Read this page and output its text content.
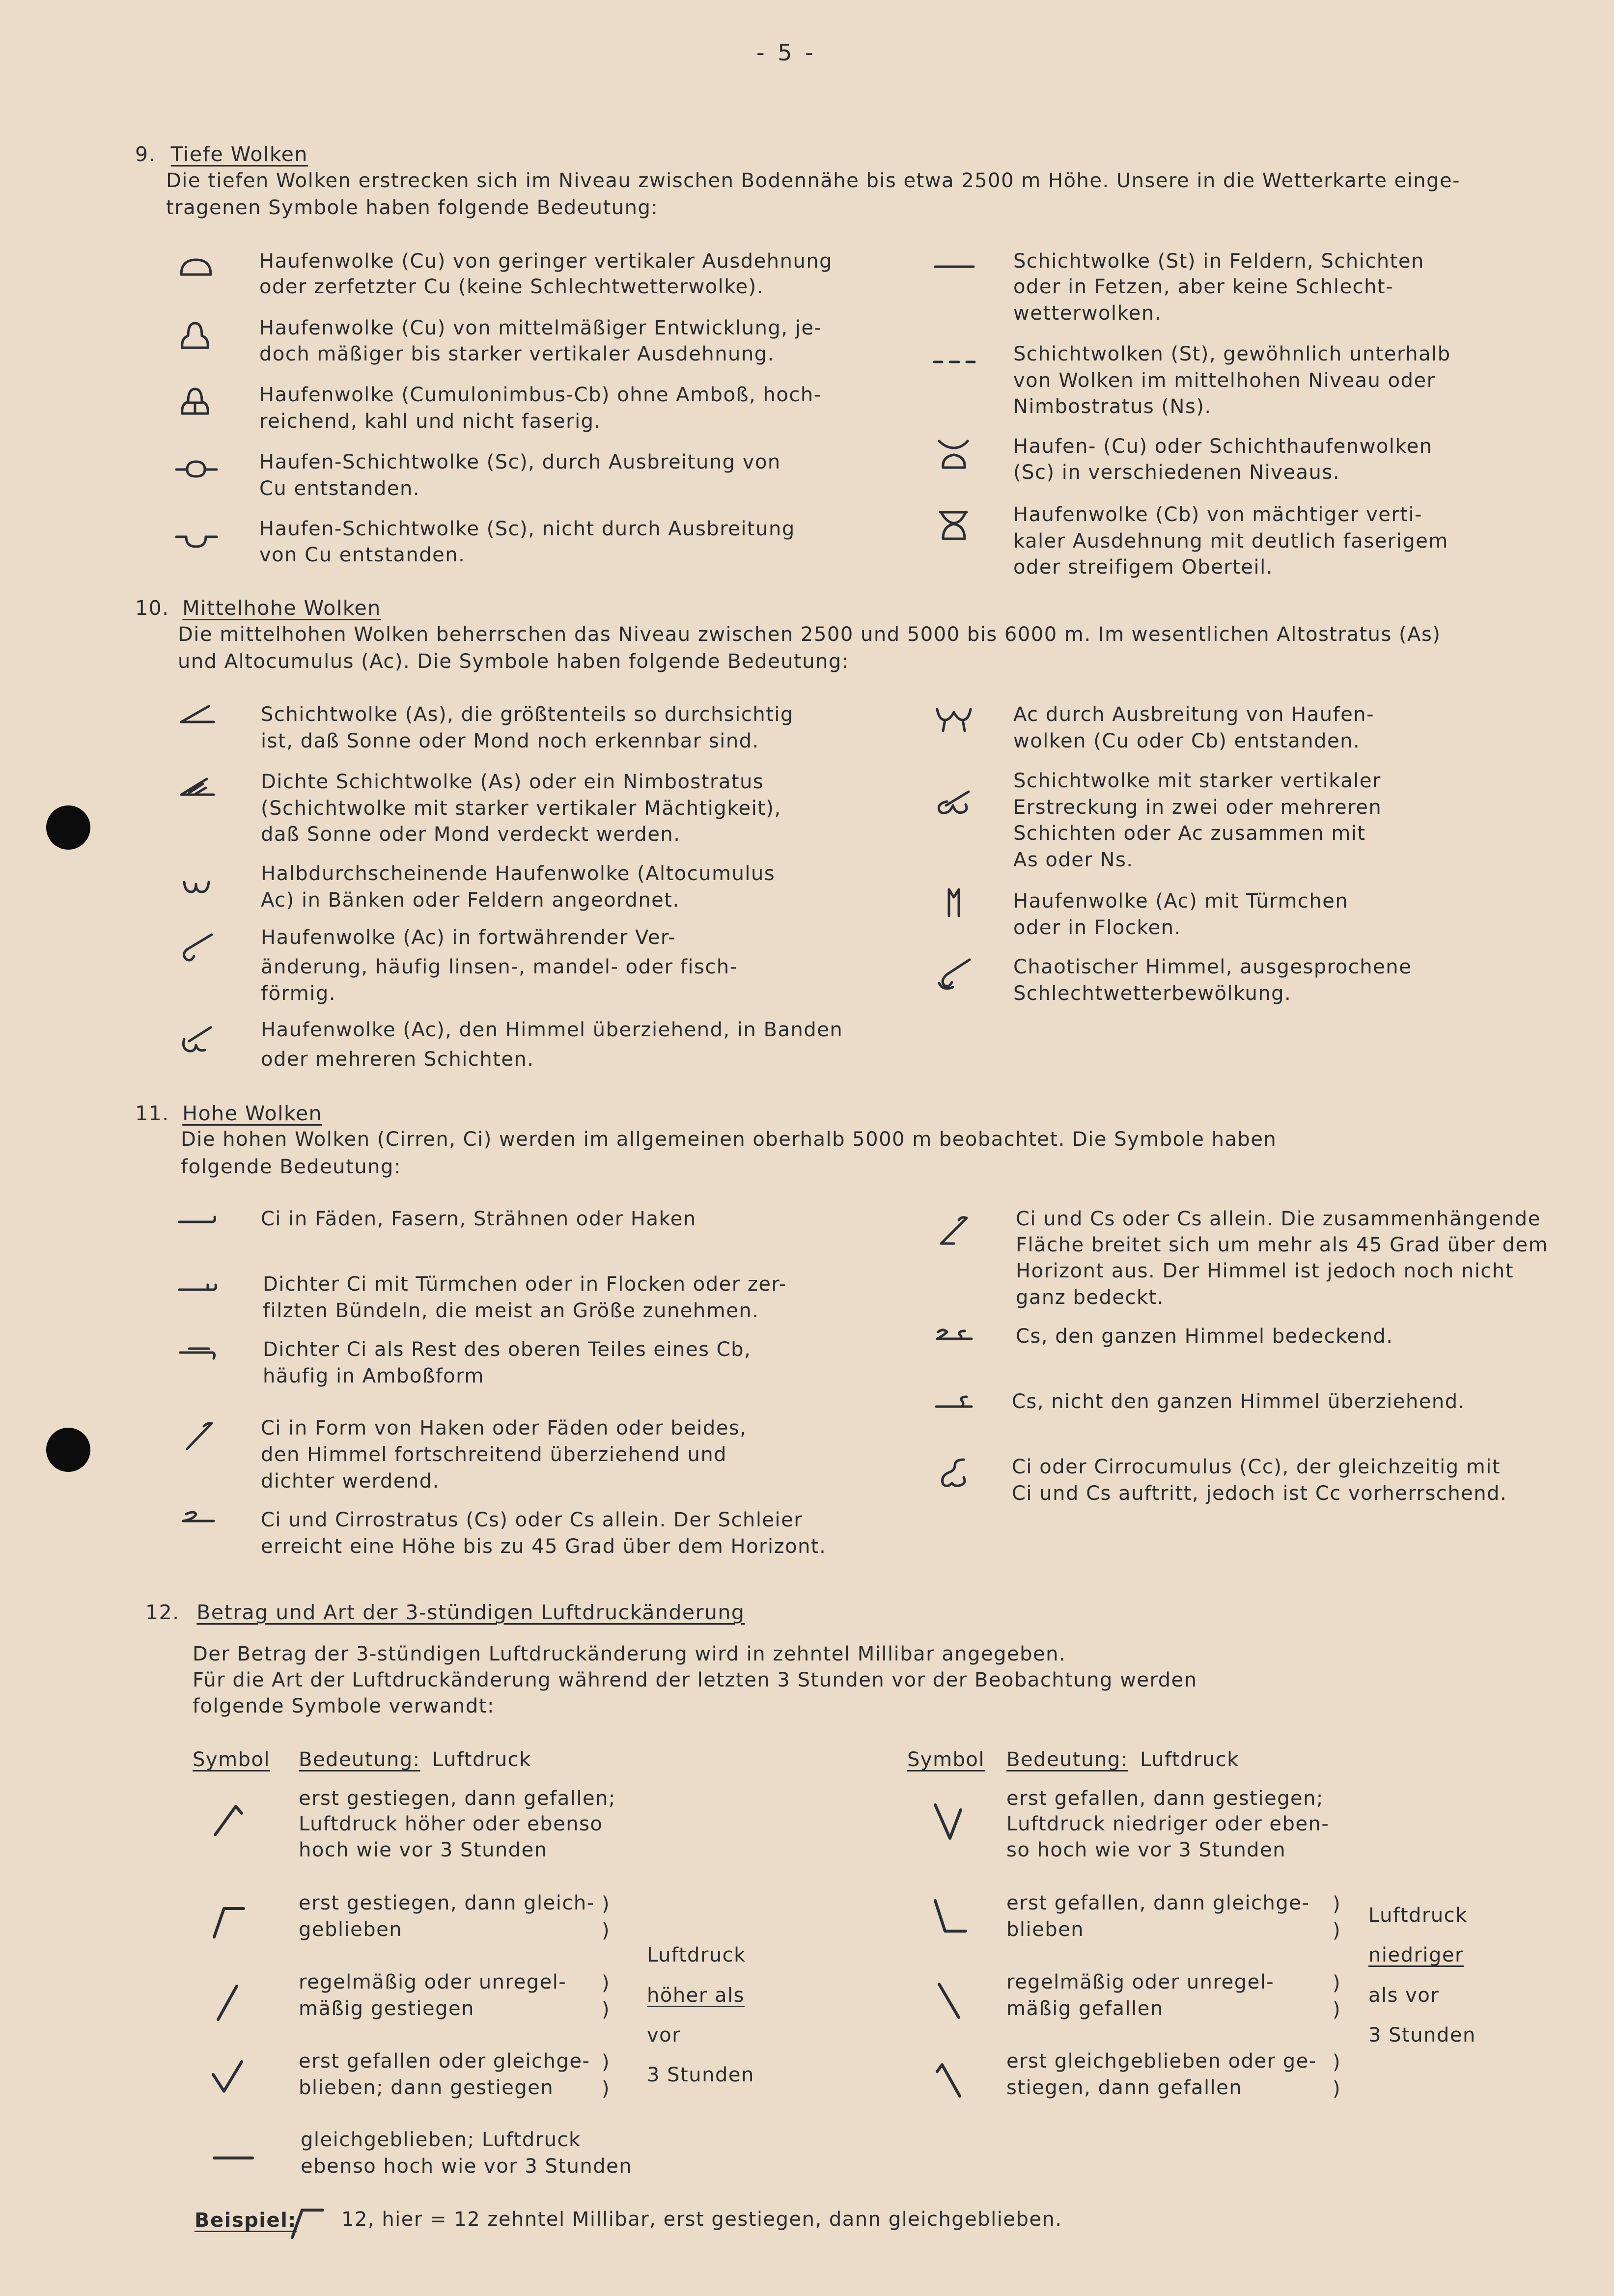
- 5 -
9. Tiefe Wolken
Die tiefen Wolken erstrecken sich im Niveau zwischen Bodennähe bis etwa 2500 m Höhe. Unsere in die Wetterkarte einge-
tragenen Symbole haben folgende Bedeutung:
Haufenwolke (Cu) von geringer vertikaler Ausdehnung
oder zerfetzter Cu (keine Schlechtwetterwolke).
Haufenwolke (Cu) von mittelmäßiger Entwicklung, je-
doch mäßiger bis starker vertikaler Ausdehnung.
Haufenwolke (Cumulonimbus-Cb) ohne Amboß, hoch-
reichend, kahl und nicht faserig.
Haufen-Schichtwolke (Sc), durch Ausbreitung von
Cu entstanden.
Haufen-Schichtwolke (Sc), nicht durch Ausbreitung
von Cu entstanden.
Schichtwolke (St) in Feldern, Schichten
oder in Fetzen, aber keine Schlecht-
wetterwolken.
Schichtwolken (St), gewöhnlich unterhalb
von Wolken im mittelhohen Niveau oder
Nimbostratus (Ns).
Haufen- (Cu) oder Schichthaufenwolken
(Sc) in verschiedenen Niveaus.
Haufenwolke (Cb) von mächtiger verti-
kaler Ausdehnung mit deutlich faserigem
oder streifigem Oberteil.
10. Mittelhohe Wolken
Die mittelhohen Wolken beherrschen das Niveau zwischen 2500 und 5000 bis 6000 m. Im wesentlichen Altostratus (As)
und Altocumulus (Ac). Die Symbole haben folgende Bedeutung:
Schichtwolke (As), die größtenteils so durchsichtig
ist, daß Sonne oder Mond noch erkennbar sind.
Dichte Schichtwolke (As) oder ein Nimbostratus
(Schichtwolke mit starker vertikaler Mächtigkeit),
daß Sonne oder Mond verdeckt werden.
Halbdurchscheinende Haufenwolke (Altocumulus
Ac) in Bänken oder Feldern angeordnet.
Haufenwolke (Ac) in fortwährender Ver-
änderung, häufig linsen-, mandel- oder fisch-
förmig.
Haufenwolke (Ac), den Himmel überziehend, in Banden
oder mehreren Schichten.
Ac durch Ausbreitung von Haufen-
wolken (Cu oder Cb) entstanden.
Schichtwolke mit starker vertikaler
Erstreckung in zwei oder mehreren
Schichten oder Ac zusammen mit
As oder Ns.
Haufenwolke (Ac) mit Türmchen
oder in Flocken.
Chaotischer Himmel, ausgesprochene
Schlechtwetterbewölkung.
11. Hohe Wolken
Die hohen Wolken (Cirren, Ci) werden im allgemeinen oberhalb 5000 m beobachtet. Die Symbole haben
folgende Bedeutung:
Ci in Fäden, Fasern, Strähnen oder Haken
Dichter Ci mit Türmchen oder in Flocken oder zer-
filzten Bündeln, die meist an Größe zunehmen.
Dichter Ci als Rest des oberen Teiles eines Cb,
häufig in Amboßform
Ci in Form von Haken oder Fäden oder beides,
den Himmel fortschreitend überziehend und
dichter werdend.
Ci und Cirrostratus (Cs) oder Cs allein. Der Schleier
erreicht eine Höhe bis zu 45 Grad über dem Horizont.
Ci und Cs oder Cs allein. Die zusammenhängende
Fläche breitet sich um mehr als 45 Grad über dem
Horizont aus. Der Himmel ist jedoch noch nicht
ganz bedeckt.
Cs, den ganzen Himmel bedeckend.
Cs, nicht den ganzen Himmel überziehend.
Ci oder Cirrocumulus (Cc), der gleichzeitig mit
Ci und Cs auftritt, jedoch ist Cc vorherrschend.
12. Betrag und Art der 3-stündigen Luftdruckänderung
Der Betrag der 3-stündigen Luftdruckänderung wird in zehntel Millibar angegeben.
Für die Art der Luftdruckänderung während der letzten 3 Stunden vor der Beobachtung werden
folgende Symbole verwandt:
Symbol Bedeutung: Luftdruck	Symbol Bedeutung: Luftdruck
erst gestiegen, dann gefallen;
Luftdruck höher oder ebenso
hoch wie vor 3 Stunden
erst gestiegen, dann gleich-
geblieben
)
)
regelmäßig oder unregel-
mäßig gestiegen
)
)
erst gefallen oder gleichge-
blieben; dann gestiegen
)
)
gleichgeblieben; Luftdruck
ebenso hoch wie vor 3 Stunden
Luftdruck
höher als
vor
3 Stunden
erst gefallen, dann gestiegen;
Luftdruck niedriger oder eben-
so hoch wie vor 3 Stunden
erst gefallen, dann gleichge-
blieben
)
)
regelmäßig oder unregel-
mäßig gefallen
)
)
erst gleichgeblieben oder ge-
stiegen, dann gefallen
)
)
Luftdruck
niedriger
als vor
3 Stunden
Beispiel: 12, hier = 12 zehntel Millibar, erst gestiegen, dann gleichgeblieben.
